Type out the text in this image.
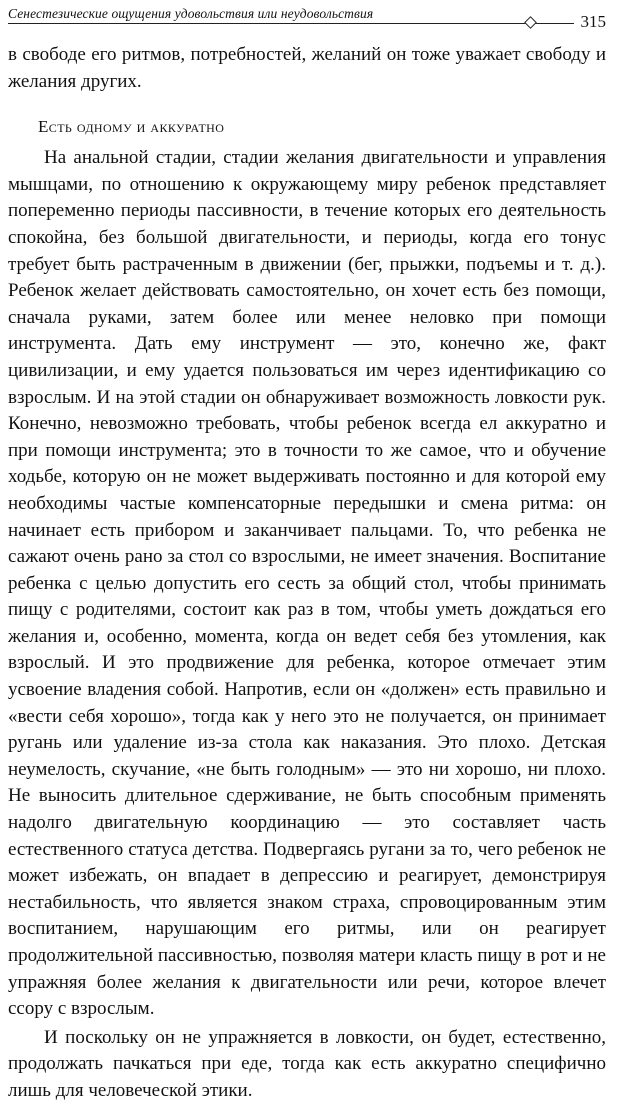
Сенестезические ощущения удовольствия или неудовольствия	315

в свободе его ритмов, потребностей, желаний он тоже уважает свободу и желания других.

Есть одному и аккуратно

На анальной стадии, стадии желания двигательности и управления мышцами, по отношению к окружающему миру ребенок представляет попеременно периоды пассивности, в течение которых его деятельность спокойна, без большой двигательности, и периоды, когда его тонус требует быть растраченным в движении (бег, прыжки, подъемы и т. д.). Ребенок желает действовать самостоятельно, он хочет есть без помощи, сначала руками, затем более или менее неловко при помощи инструмента. Дать ему инструмент — это, конечно же, факт цивилизации, и ему удается пользоваться им через идентификацию со взрослым. И на этой стадии он обнаруживает возможность ловкости рук. Конечно, невозможно требовать, чтобы ребенок всегда ел аккуратно и при помощи инструмента; это в точности то же самое, что и обучение ходьбе, которую он не может выдерживать постоянно и для которой ему необходимы частые компенсаторные передышки и смена ритма: он начинает есть прибором и заканчивает пальцами. То, что ребенка не сажают очень рано за стол со взрослыми, не имеет значения. Воспитание ребенка с целью допустить его сесть за общий стол, чтобы принимать пищу с родителями, состоит как раз в том, чтобы уметь дождаться его желания и, особенно, момента, когда он ведет себя без утомления, как взрослый. И это продвижение для ребенка, которое отмечает этим усвоение владения собой. Напротив, если он «должен» есть правильно и «вести себя хорошо», тогда как у него это не получается, он принимает ругань или удаление из-за стола как наказания. Это плохо. Детская неумелость, скучание, «не быть голодным» — это ни хорошо, ни плохо. Не выносить длительное сдерживание, не быть способным применять надолго двигательную координацию — это составляет часть естественного статуса детства. Подвергаясь ругани за то, чего ребенок не может избежать, он впадает в депрессию и реагирует, демонстрируя нестабильность, что является знаком страха, спровоцированным этим воспитанием, нарушающим его ритмы, или он реагирует продолжительной пассивностью, позволяя матери класть пищу в рот и не упражняя более желания к двигательности или речи, которое влечет ссору с взрослым.

И поскольку он не упражняется в ловкости, он будет, естественно, продолжать пачкаться при еде, тогда как есть аккуратно специфично лишь для человеческой этики.
